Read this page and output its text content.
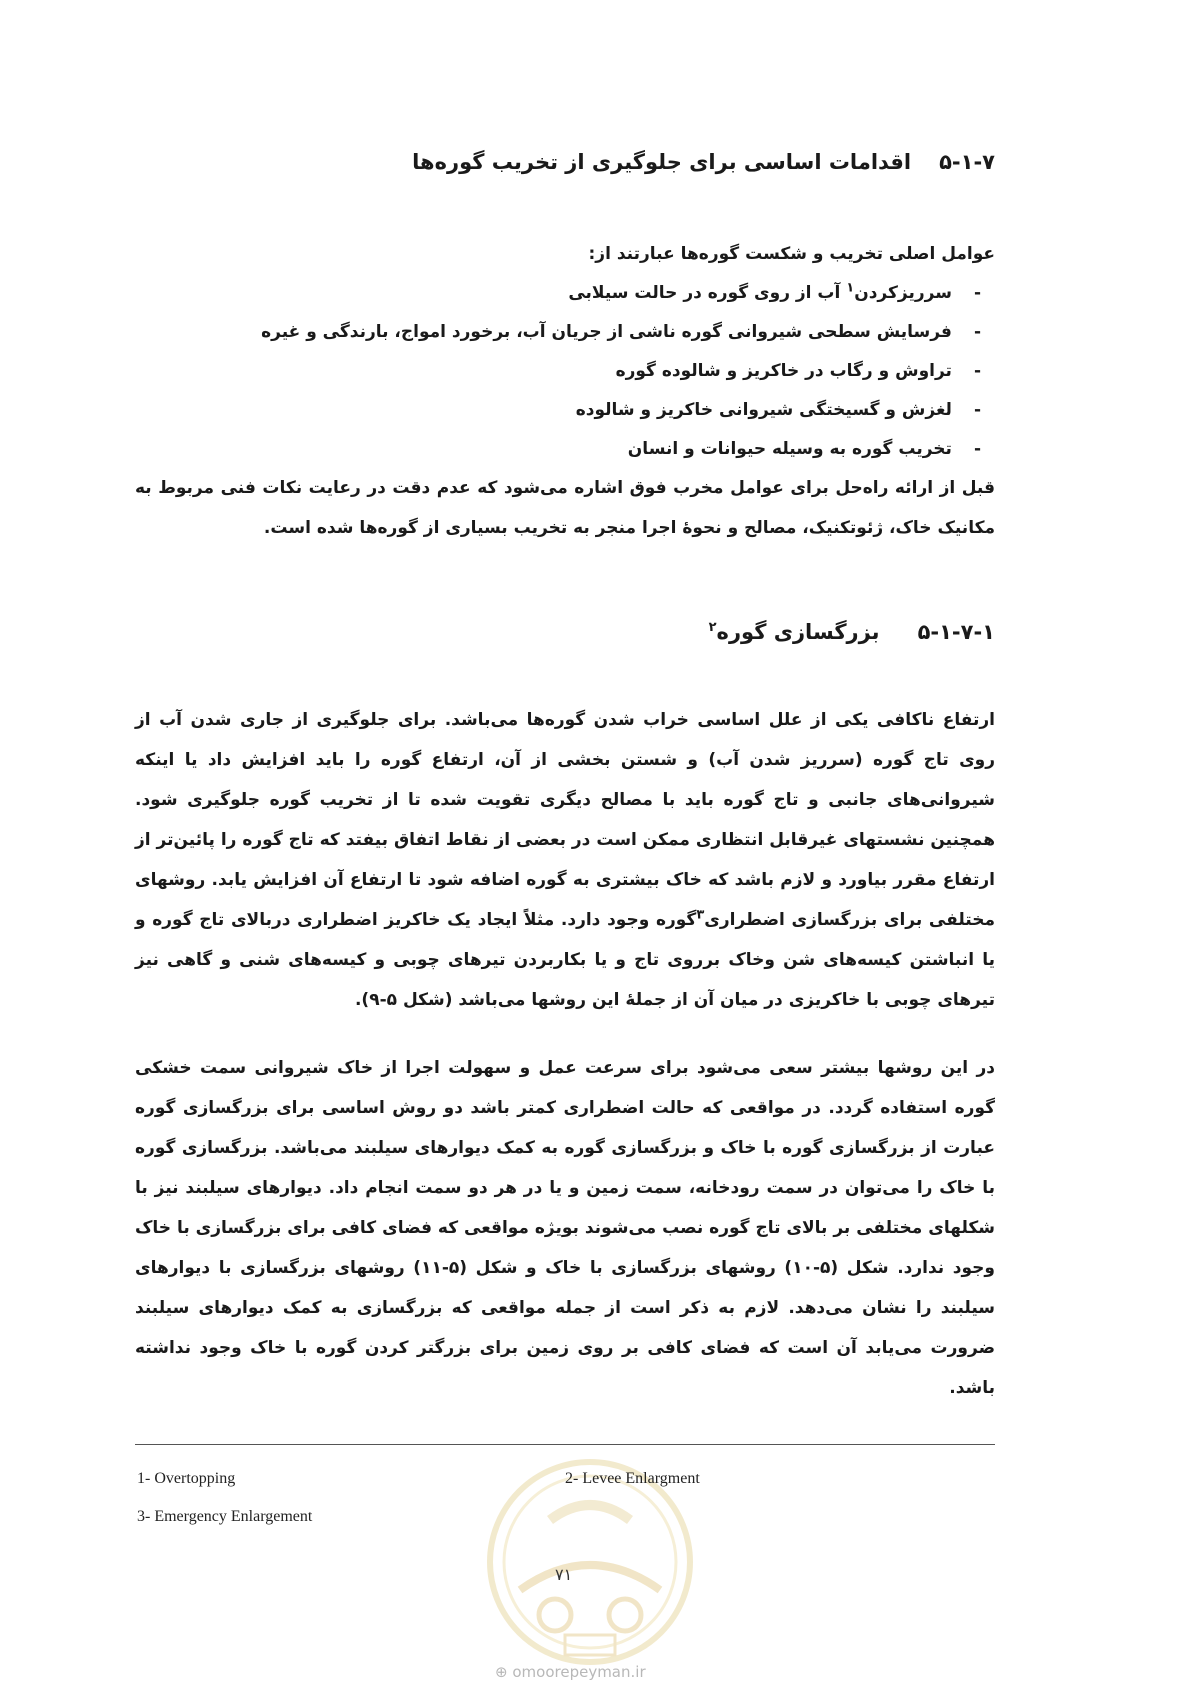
۵-۱-۷اقدامات اساسی برای جلوگیری از تخریب گوره‌ها
عوامل اصلی تخریب و شکست گوره‌ها عبارتند از:
-سرریزکردن$^۱$ آب از روی گوره در حالت سیلابی
-فرسایش سطحی شیروانی گوره ناشی از جریان آب، برخورد امواج، بارندگی و غیره
-تراوش و رگاب در خاکریز و شالوده گوره
-لغزش و گسیختگی شیروانی خاکریز و شالوده
-تخریب گوره به وسیله حیوانات و انسان
قبل از ارائه راه‌حل برای عوامل مخرب فوق اشاره می‌شود که عدم دقت در رعایت نکات فنی مربوط به مکانیک خاک، ژئوتکنیک، مصالح و نحوهٔ اجرا منجر به تخریب بسیاری از گوره‌ها شده است.
۵-۱-۷-۱بزرگسازی گوره$^۲$
ارتفاع ناکافی یکی از علل اساسی خراب شدن گوره‌ها می‌باشد. برای جلوگیری از جاری شدن آب از روی تاج گوره (سرریز شدن آب) و شستن بخشی از آن، ارتفاع گوره را باید افزایش داد یا اینکه شیروانی‌های جانبی و تاج گوره باید با مصالح دیگری تقویت شده تا از تخریب گوره جلوگیری شود. همچنین نشستهای غیرقابل انتظاری ممکن است در بعضی از نقاط اتفاق بیفتد که تاج گوره را پائین‌تر از ارتفاع مقرر بیاورد و لازم باشد که خاک بیشتری به گوره اضافه شود تا ارتفاع آن افزایش یابد. روشهای مختلفی برای بزرگسازی اضطراری$^۳$گوره وجود دارد. مثلاً ایجاد یک خاکریز اضطراری دربالای تاج گوره و یا انباشتن کیسه‌های شن وخاک برروی تاج و یا بکاربردن تیرهای چوبی و کیسه‌های شنی و گاهی نیز تیرهای چوبی با خاکریزی در میان آن از جملهٔ این روشها می‌باشد (شکل ۵-۹).
در این روشها بیشتر سعی می‌شود برای سرعت عمل و سهولت اجرا از خاک شیروانی سمت خشکی گوره استفاده گردد. در مواقعی که حالت اضطراری کمتر باشد دو روش اساسی برای بزرگسازی گوره عبارت از بزرگسازی گوره با خاک و بزرگسازی گوره به کمک دیوارهای سیلبند می‌باشد. بزرگسازی گوره با خاک را می‌توان در سمت رودخانه، سمت زمین و یا در هر دو سمت انجام داد. دیوارهای سیلبند نیز با شکلهای مختلفی بر بالای تاج گوره نصب می‌شوند بویژه مواقعی که فضای کافی برای بزرگسازی با خاک وجود ندارد. شکل (۵-۱۰) روشهای بزرگسازی با خاک و شکل (۵-۱۱) روشهای بزرگسازی با دیوارهای سیلبند را نشان می‌دهد. لازم به ذکر است از جمله مواقعی که بزرگسازی به کمک دیوارهای سیلبند ضرورت می‌یابد آن است که فضای کافی بر روی زمین برای بزرگتر کردن گوره با خاک وجود نداشته باشد.
1- Overtopping	2- Levee Enlargment
3- Emergency Enlargement
۷۱
⊕ omoorepeyman.ir
